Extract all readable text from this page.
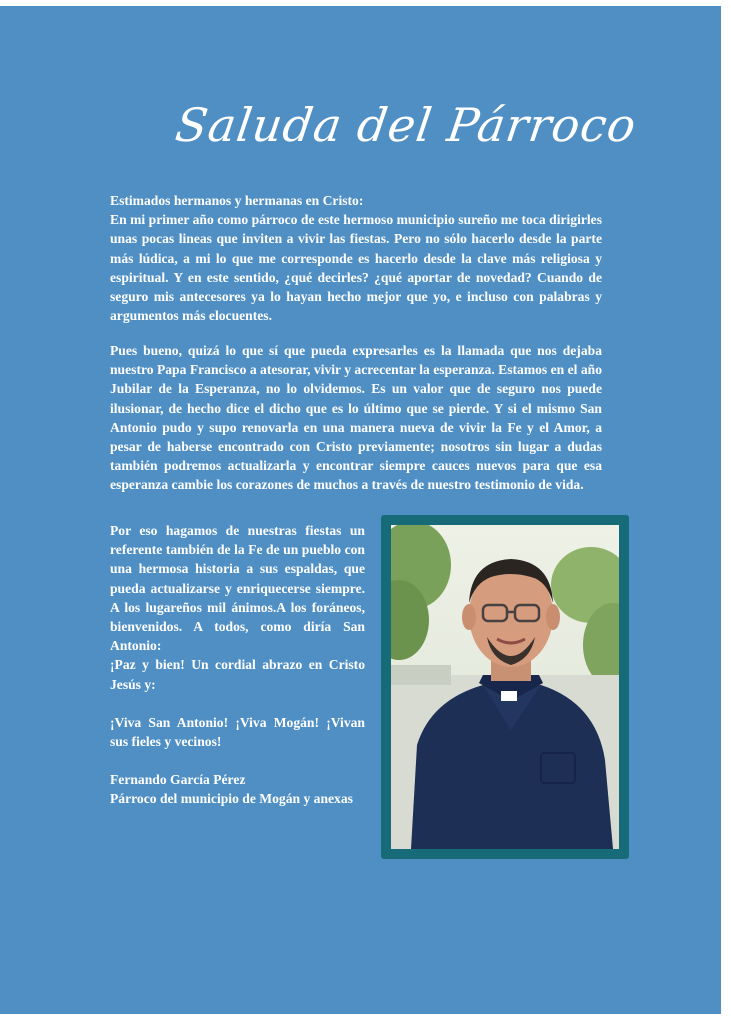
Saluda del Párroco
Estimados hermanos y hermanas en Cristo:
En mi primer año como párroco de este hermoso municipio sureño me toca dirigirles unas pocas lineas que inviten a vivir las fiestas. Pero no sólo hacerlo desde la parte más lúdica, a mi lo que me corresponde es hacerlo desde la clave más religiosa y espiritual. Y en este sentido, ¿qué decirles? ¿qué aportar de novedad? Cuando de seguro mis antecesores ya lo hayan hecho mejor que yo, e incluso con palabras y argumentos más elocuentes.
Pues bueno, quizá lo que sí que pueda expresarles es la llamada que nos dejaba nuestro Papa Francisco a atesorar, vivir y acrecentar la esperanza. Estamos en el año Jubilar de la Esperanza, no lo olvidemos. Es un valor que de seguro nos puede ilusionar, de hecho dice el dicho que es lo último que se pierde. Y si el mismo San Antonio pudo y supo renovarla en una manera nueva de vivir la Fe y el Amor, a pesar de haberse encontrado con Cristo previamente; nosotros sin lugar a dudas también podremos actualizarla y encontrar siempre cauces nuevos para que esa esperanza cambie los corazones de muchos a través de nuestro testimonio de vida.
Por eso hagamos de nuestras fiestas un referente también de la Fe de un pueblo con una hermosa historia a sus espaldas, que pueda actualizarse y enriquecerse siempre. A los lugareños mil ánimos.A los foráneos, bienvenidos. A todos, como diría San Antonio:
¡Paz y bien! Un cordial abrazo en Cristo Jesús y:
¡Viva San Antonio! ¡Viva Mogán! ¡Vivan sus fieles y vecinos!
Fernando García Pérez
Párroco del municipio de Mogán y anexas
